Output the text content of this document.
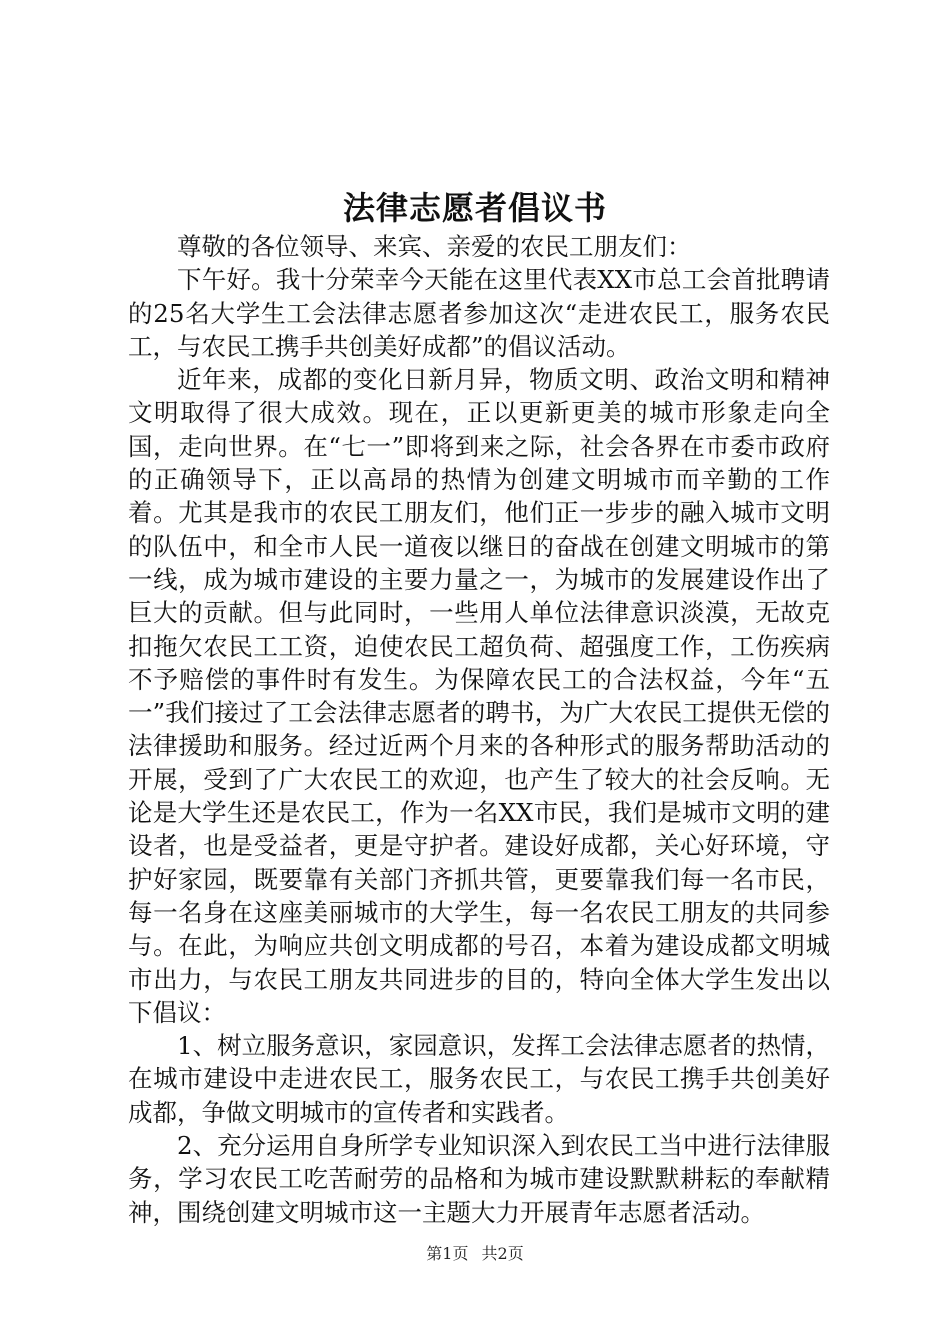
法律志愿者倡议书

尊敬的各位领导、来宾、亲爱的农民工朋友们：

下午好。我十分荣幸今天能在这里代表XX市总工会首批聘请的25名大学生工会法律志愿者参加这次“走进农民工，服务农民工，与农民工携手共创美好成都”的倡议活动。

近年来，成都的变化日新月异，物质文明、政治文明和精神文明取得了很大成效。现在，正以更新更美的城市形象走向全国，走向世界。在“七一”即将到来之际，社会各界在市委市政府的正确领导下，正以高昂的热情为创建文明城市而辛勤的工作着。尤其是我市的农民工朋友们，他们正一步步的融入城市文明的队伍中，和全市人民一道夜以继日的奋战在创建文明城市的第一线，成为城市建设的主要力量之一，为城市的发展建设作出了巨大的贡献。但与此同时，一些用人单位法律意识淡漠，无故克扣拖欠农民工工资，迫使农民工超负荷、超强度工作，工伤疾病不予赔偿的事件时有发生。为保障农民工的合法权益，今年“五一”我们接过了工会法律志愿者的聘书，为广大农民工提供无偿的法律援助和服务。经过近两个月来的各种形式的服务帮助活动的开展，受到了广大农民工的欢迎，也产生了较大的社会反响。无论是大学生还是农民工，作为一名XX市民，我们是城市文明的建设者，也是受益者，更是守护者。建设好成都，关心好环境，守护好家园，既要靠有关部门齐抓共管，更要靠我们每一名市民，每一名身在这座美丽城市的大学生，每一名农民工朋友的共同参与。在此，为响应共创文明成都的号召，本着为建设成都文明城市出力，与农民工朋友共同进步的目的，特向全体大学生发出以下倡议：

1、树立服务意识，家园意识，发挥工会法律志愿者的热情，在城市建设中走进农民工，服务农民工，与农民工携手共创美好成都，争做文明城市的宣传者和实践者。

2、充分运用自身所学专业知识深入到农民工当中进行法律服务，学习农民工吃苦耐劳的品格和为城市建设默默耕耘的奉献精神，围绕创建文明城市这一主题大力开展青年志愿者活动。

第1页 共2页
